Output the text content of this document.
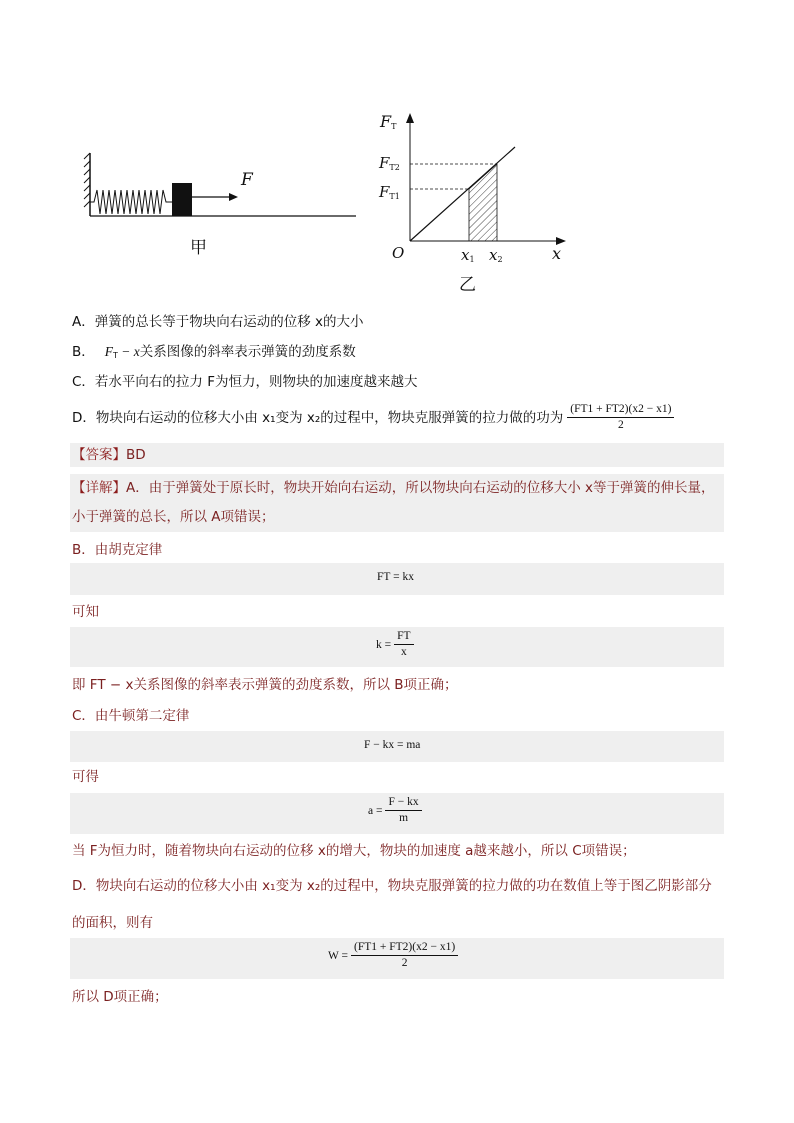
F
甲
$F_T$
$F_{T2}$
$F_{T1}$
O	$x_1$ $x_2$	x
乙
A．弹簧的总长等于物块向右运动的位移 x的大小
B． $F_T - x$关系图像的斜率表示弹簧的劲度系数
C．若水平向右的拉力 F为恒力，则物块的加速度越来越大
D．物块向右运动的位移大小由 x₁变为 x₂的过程中，物块克服弹簧的拉力做的功为 $\frac{(FT1 + FT2)(x2 - x1)}{2}$
【答案】BD
【详解】A．由于弹簧处于原长时，物块开始向右运动，所以物块向右运动的位移大小 x等于弹簧的伸长量，
小于弹簧的总长，所以 A项错误；
B．由胡克定律
FT = kx
可知
$k = \frac{FT}{x}$
即 FT − x关系图像的斜率表示弹簧的劲度系数，所以 B项正确；
C．由牛顿第二定律
F − kx = ma
可得
$a = \frac{F - kx}{m}$
当 F为恒力时，随着物块向右运动的位移 x的增大，物块的加速度 a越来越小，所以 C项错误；
D．物块向右运动的位移大小由 x₁变为 x₂的过程中，物块克服弹簧的拉力做的功在数值上等于图乙阴影部分
的面积，则有
$W = \frac{(FT1 + FT2)(x2 - x1)}{2}$
所以 D项正确；
